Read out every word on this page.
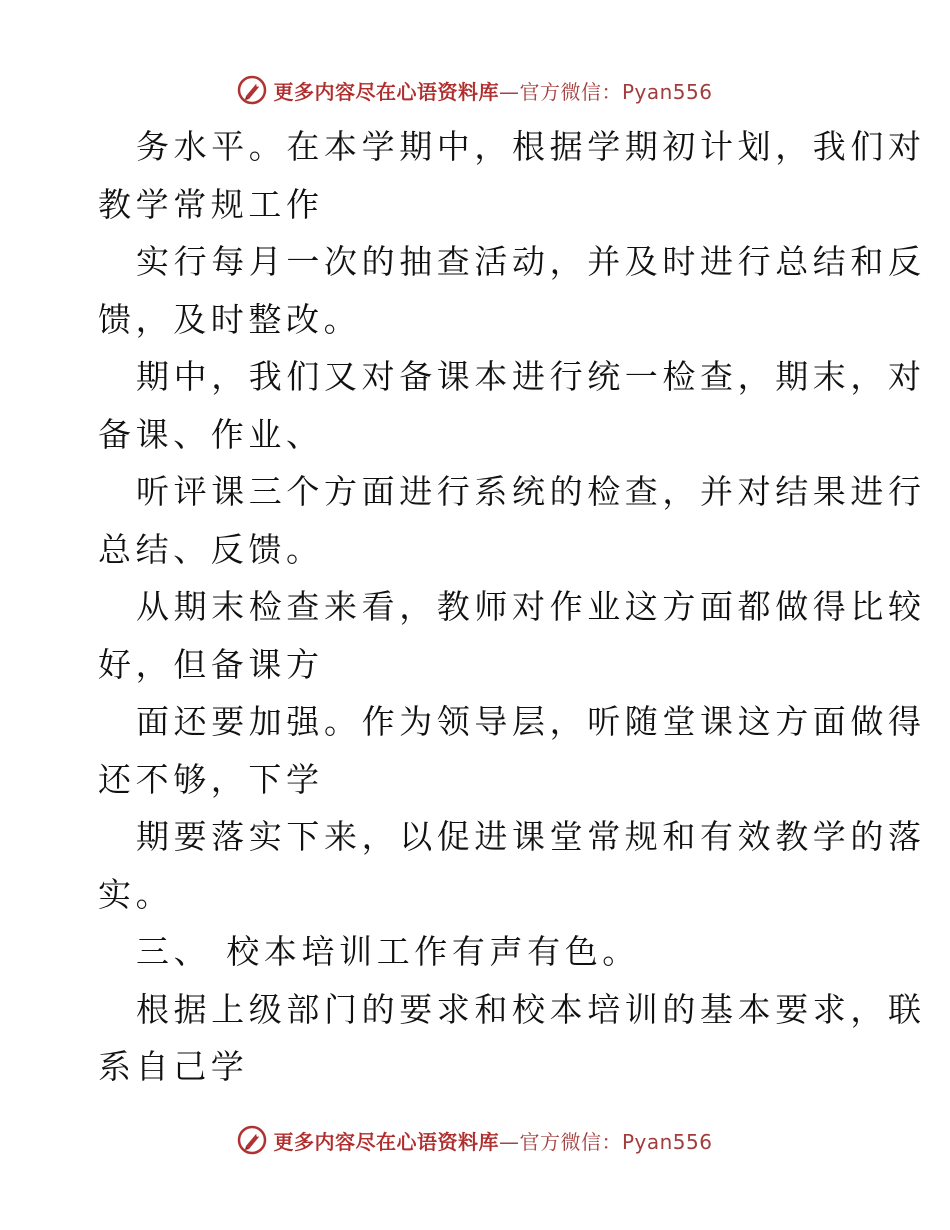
更多内容尽在心语资料库—官方微信：Pyan556

务水平。在本学期中，根据学期初计划，我们对

教学常规工作

实行每月一次的抽查活动，并及时进行总结和反

馈，及时整改。

期中，我们又对备课本进行统一检查，期末，对

备课、作业、

听评课三个方面进行系统的检查，并对结果进行

总结、反馈。

从期末检查来看，教师对作业这方面都做得比较

好，但备课方

面还要加强。作为领导层，听随堂课这方面做得

还不够，下学

期要落实下来，以促进课堂常规和有效教学的落

实。

三、 校本培训工作有声有色。

根据上级部门的要求和校本培训的基本要求，联

系自己学

更多内容尽在心语资料库—官方微信：Pyan556
